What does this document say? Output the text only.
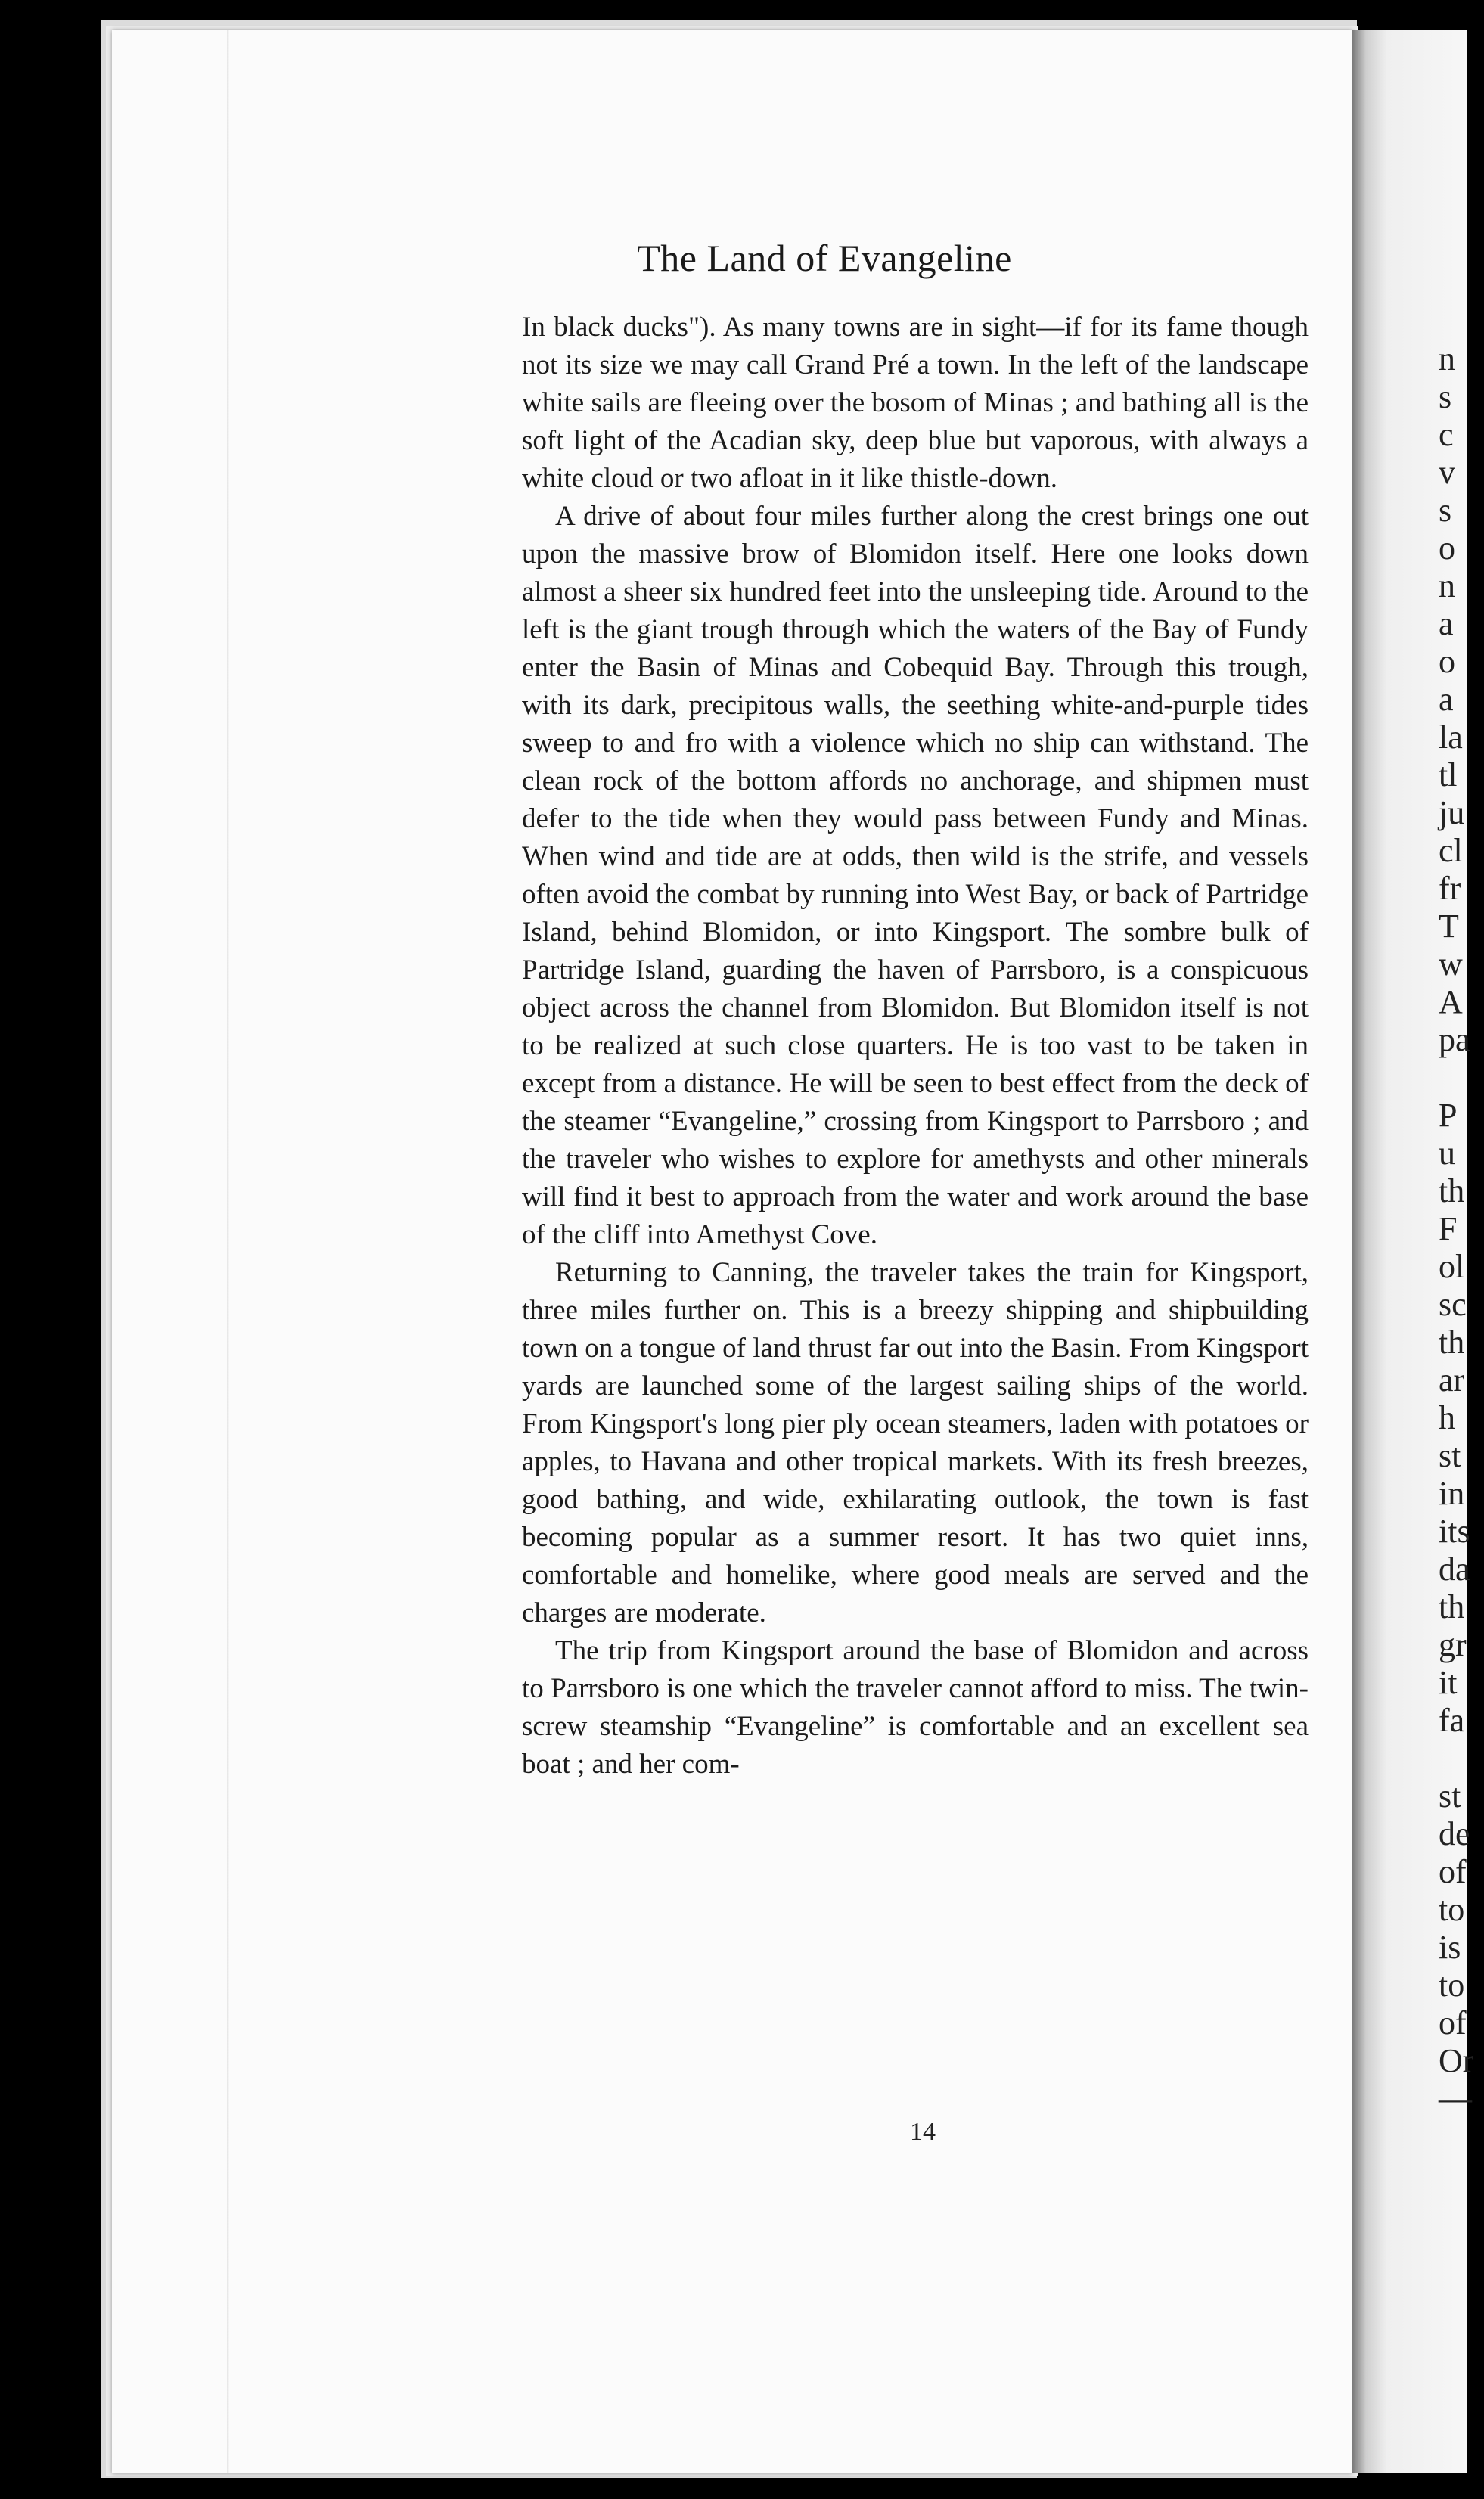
n
s
c
v
s
o
n
a
o
a
la
tl
ju
cl
fr
T
w
A
pa
P
u
th
F
ol
sc
th
ar
h
st
in
its
da
th
gr
it
fa
st
de
of
to
is
to
of
Or
—
The Land of Evangeline

In black ducks"). As many towns are in sight—if for its fame though not its size we may call Grand Pré a town. In the left of the landscape white sails are fleeing over the bosom of Minas ; and bathing all is the soft light of the Acadian sky, deep blue but vaporous, with always a white cloud or two afloat in it like thistle-down.

A drive of about four miles further along the crest brings one out upon the massive brow of Blomidon itself. Here one looks down almost a sheer six hundred feet into the unsleeping tide. Around to the left is the giant trough through which the waters of the Bay of Fundy enter the Basin of Minas and Cobequid Bay. Through this trough, with its dark, precipitous walls, the seething white-and-purple tides sweep to and fro with a violence which no ship can withstand. The clean rock of the bottom affords no anchorage, and shipmen must defer to the tide when they would pass between Fundy and Minas. When wind and tide are at odds, then wild is the strife, and vessels often avoid the combat by running into West Bay, or back of Partridge Island, behind Blomidon, or into Kingsport. The sombre bulk of Partridge Island, guarding the haven of Parrsboro, is a conspicuous object across the channel from Blomidon. But Blomidon itself is not to be realized at such close quarters. He is too vast to be taken in except from a distance. He will be seen to best effect from the deck of the steamer “Evangeline,” crossing from Kingsport to Parrsboro ; and the traveler who wishes to explore for amethysts and other minerals will find it best to approach from the water and work around the base of the cliff into Amethyst Cove.

Returning to Canning, the traveler takes the train for Kingsport, three miles further on. This is a breezy shipping and shipbuilding town on a tongue of land thrust far out into the Basin. From Kingsport yards are launched some of the largest sailing ships of the world. From Kingsport's long pier ply ocean steamers, laden with potatoes or apples, to Havana and other tropical markets. With its fresh breezes, good bathing, and wide, exhilarating outlook, the town is fast becoming popular as a summer resort. It has two quiet inns, comfortable and homelike, where good meals are served and the charges are moderate.

The trip from Kingsport around the base of Blomidon and across to Parrsboro is one which the traveler cannot afford to miss. The twin-screw steamship “Evangeline” is comfortable and an excellent sea boat ; and her com-

14
